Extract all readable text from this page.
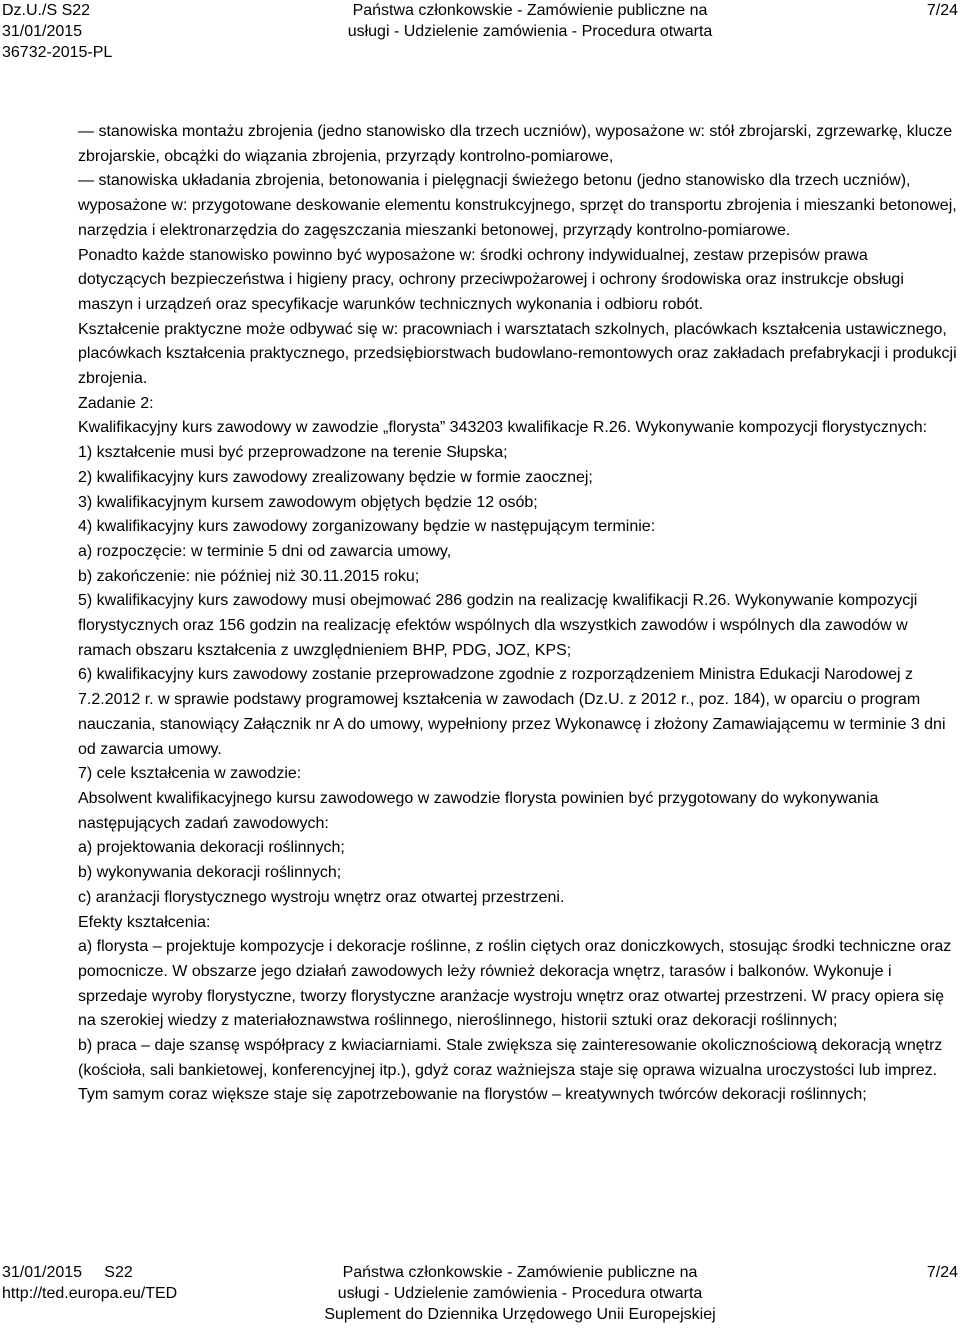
Dz.U./S S22
31/01/2015
36732-2015-PL
Państwa członkowskie - Zamówienie publiczne na
usługi - Udzielenie zamówienia - Procedura otwarta
7/24

— stanowiska montażu zbrojenia (jedno stanowisko dla trzech uczniów), wyposażone w: stół zbrojarski, zgrzewarkę, klucze zbrojarskie, obcążki do wiązania zbrojenia, przyrządy kontrolno-pomiarowe,

— stanowiska układania zbrojenia, betonowania i pielęgnacji świeżego betonu (jedno stanowisko dla trzech uczniów), wyposażone w: przygotowane deskowanie elementu konstrukcyjnego, sprzęt do transportu zbrojenia i mieszanki betonowej, narzędzia i elektronarzędzia do zagęszczania mieszanki betonowej, przyrządy kontrolno-pomiarowe.

Ponadto każde stanowisko powinno być wyposażone w: środki ochrony indywidualnej, zestaw przepisów prawa dotyczących bezpieczeństwa i higieny pracy, ochrony przeciwpożarowej i ochrony środowiska oraz instrukcje obsługi maszyn i urządzeń oraz specyfikacje warunków technicznych wykonania i odbioru robót.

Kształcenie praktyczne może odbywać się w: pracowniach i warsztatach szkolnych, placówkach kształcenia ustawicznego, placówkach kształcenia praktycznego, przedsiębiorstwach budowlano-remontowych oraz zakładach prefabrykacji i produkcji zbrojenia.

Zadanie 2:

Kwalifikacyjny kurs zawodowy w zawodzie „florysta” 343203 kwalifikacje R.26. Wykonywanie kompozycji florystycznych:

1) kształcenie musi być przeprowadzone na terenie Słupska;

2) kwalifikacyjny kurs zawodowy zrealizowany będzie w formie zaocznej;

3) kwalifikacyjnym kursem zawodowym objętych będzie 12 osób;

4) kwalifikacyjny kurs zawodowy zorganizowany będzie w następującym terminie:

a) rozpoczęcie: w terminie 5 dni od zawarcia umowy,

b) zakończenie: nie później niż 30.11.2015 roku;

5) kwalifikacyjny kurs zawodowy musi obejmować 286 godzin na realizację kwalifikacji R.26. Wykonywanie kompozycji florystycznych oraz 156 godzin na realizację efektów wspólnych dla wszystkich zawodów i wspólnych dla zawodów w ramach obszaru kształcenia z uwzględnieniem BHP, PDG, JOZ, KPS;

6) kwalifikacyjny kurs zawodowy zostanie przeprowadzone zgodnie z rozporządzeniem Ministra Edukacji Narodowej z 7.2.2012 r. w sprawie podstawy programowej kształcenia w zawodach (Dz.U. z 2012 r., poz. 184), w oparciu o program nauczania, stanowiący Załącznik nr A do umowy, wypełniony przez Wykonawcę i złożony Zamawiającemu w terminie 3 dni od zawarcia umowy.

7) cele kształcenia w zawodzie:

Absolwent kwalifikacyjnego kursu zawodowego w zawodzie florysta powinien być przygotowany do wykonywania następujących zadań zawodowych:

a) projektowania dekoracji roślinnych;

b) wykonywania dekoracji roślinnych;

c) aranżacji florystycznego wystroju wnętrz oraz otwartej przestrzeni.

Efekty kształcenia:

a) florysta – projektuje kompozycje i dekoracje roślinne, z roślin ciętych oraz doniczkowych, stosując środki techniczne oraz pomocnicze. W obszarze jego działań zawodowych leży również dekoracja wnętrz, tarasów i balkonów. Wykonuje i sprzedaje wyroby florystyczne, tworzy florystyczne aranżacje wystroju wnętrz oraz otwartej przestrzeni. W pracy opiera się na szerokiej wiedzy z materiałoznawstwa roślinnego, nieroślinnego, historii sztuki oraz dekoracji roślinnych;

b) praca – daje szansę współpracy z kwiaciarniami. Stale zwiększa się zainteresowanie okolicznościową dekoracją wnętrz (kościoła, sali bankietowej, konferencyjnej itp.), gdyż coraz ważniejsza staje się oprawa wizualna uroczystości lub imprez. Tym samym coraz większe staje się zapotrzebowanie na florystów – kreatywnych twórców dekoracji roślinnych;

31/01/2015     S22
http://ted.europa.eu/TED
Państwa członkowskie - Zamówienie publiczne na
usługi - Udzielenie zamówienia - Procedura otwarta
Suplement do Dziennika Urzędowego Unii Europejskiej
7/24
